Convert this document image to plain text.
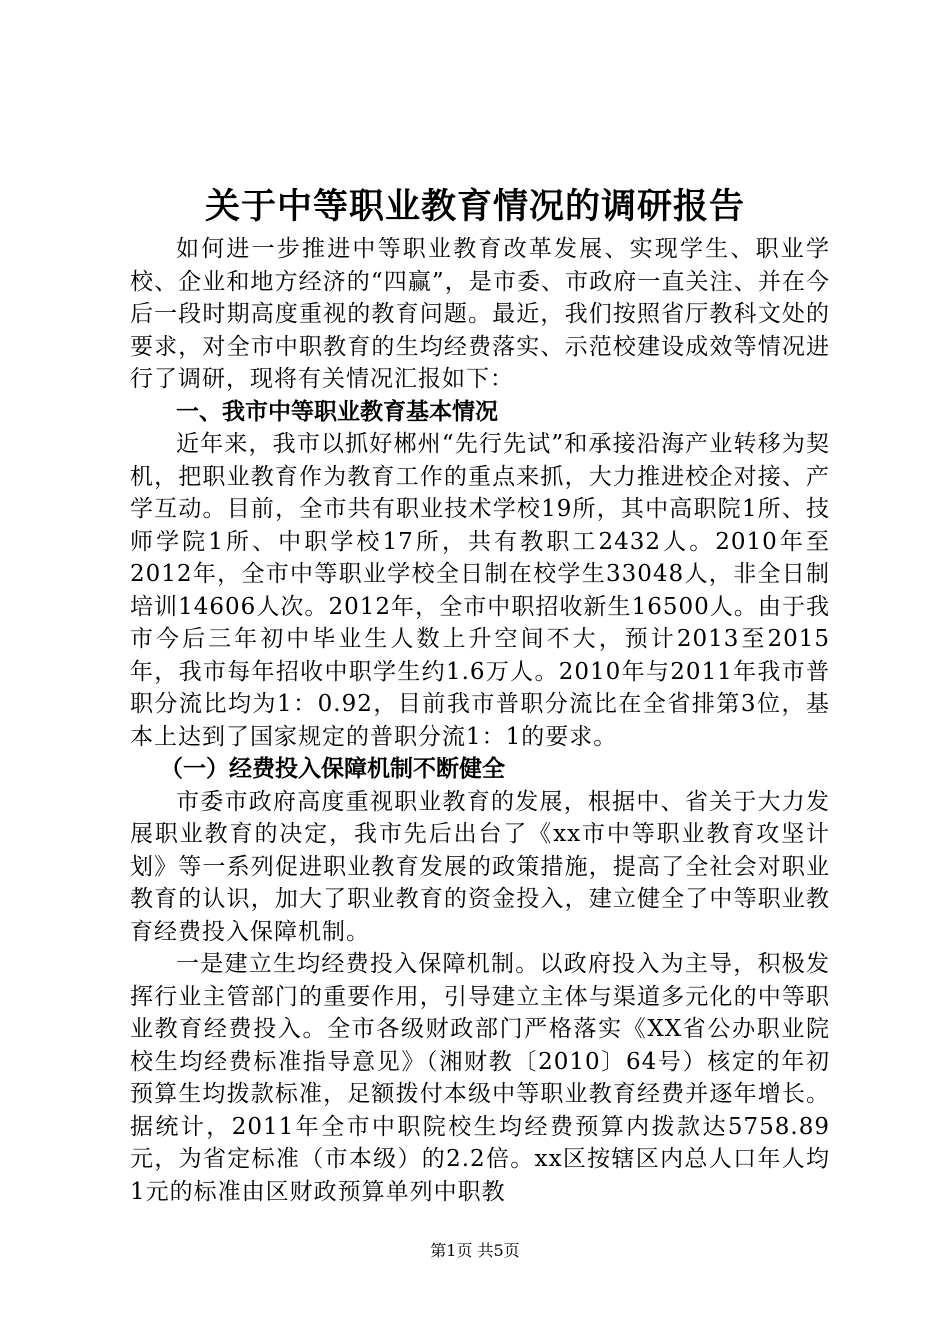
关于中等职业教育情况的调研报告

如何进一步推进中等职业教育改革发展、实现学生、职业学校、企业和地方经济的“四赢”，是市委、市政府一直关注、并在今后一段时期高度重视的教育问题。最近，我们按照省厅教科文处的要求，对全市中职教育的生均经费落实、示范校建设成效等情况进行了调研，现将有关情况汇报如下：

一、我市中等职业教育基本情况

近年来，我市以抓好郴州“先行先试”和承接沿海产业转移为契机，把职业教育作为教育工作的重点来抓，大力推进校企对接、产学互动。目前，全市共有职业技术学校19所，其中高职院1所、技师学院1所、中职学校17所，共有教职工2432人。2010年至2012年，全市中等职业学校全日制在校学生33048人，非全日制培训14606人次。2012年，全市中职招收新生16500人。由于我市今后三年初中毕业生人数上升空间不大，预计2013至2015年，我市每年招收中职学生约1.6万人。2010年与2011年我市普职分流比均为1：0.92，目前我市普职分流比在全省排第3位，基本上达到了国家规定的普职分流1：1的要求。

（一）经费投入保障机制不断健全

市委市政府高度重视职业教育的发展，根据中、省关于大力发展职业教育的决定，我市先后出台了《xx市中等职业教育攻坚计划》等一系列促进职业教育发展的政策措施，提高了全社会对职业教育的认识，加大了职业教育的资金投入，建立健全了中等职业教育经费投入保障机制。

一是建立生均经费投入保障机制。以政府投入为主导，积极发挥行业主管部门的重要作用，引导建立主体与渠道多元化的中等职业教育经费投入。全市各级财政部门严格落实《XX省公办职业院校生均经费标准指导意见》（湘财教〔2010〕64号）核定的年初预算生均拨款标准，足额拨付本级中等职业教育经费并逐年增长。据统计，2011年全市中职院校生均经费预算内拨款达5758.89元，为省定标准（市本级）的2.2倍。xx区按辖区内总人口年人均1元的标准由区财政预算单列中职教

第1页 共5页
